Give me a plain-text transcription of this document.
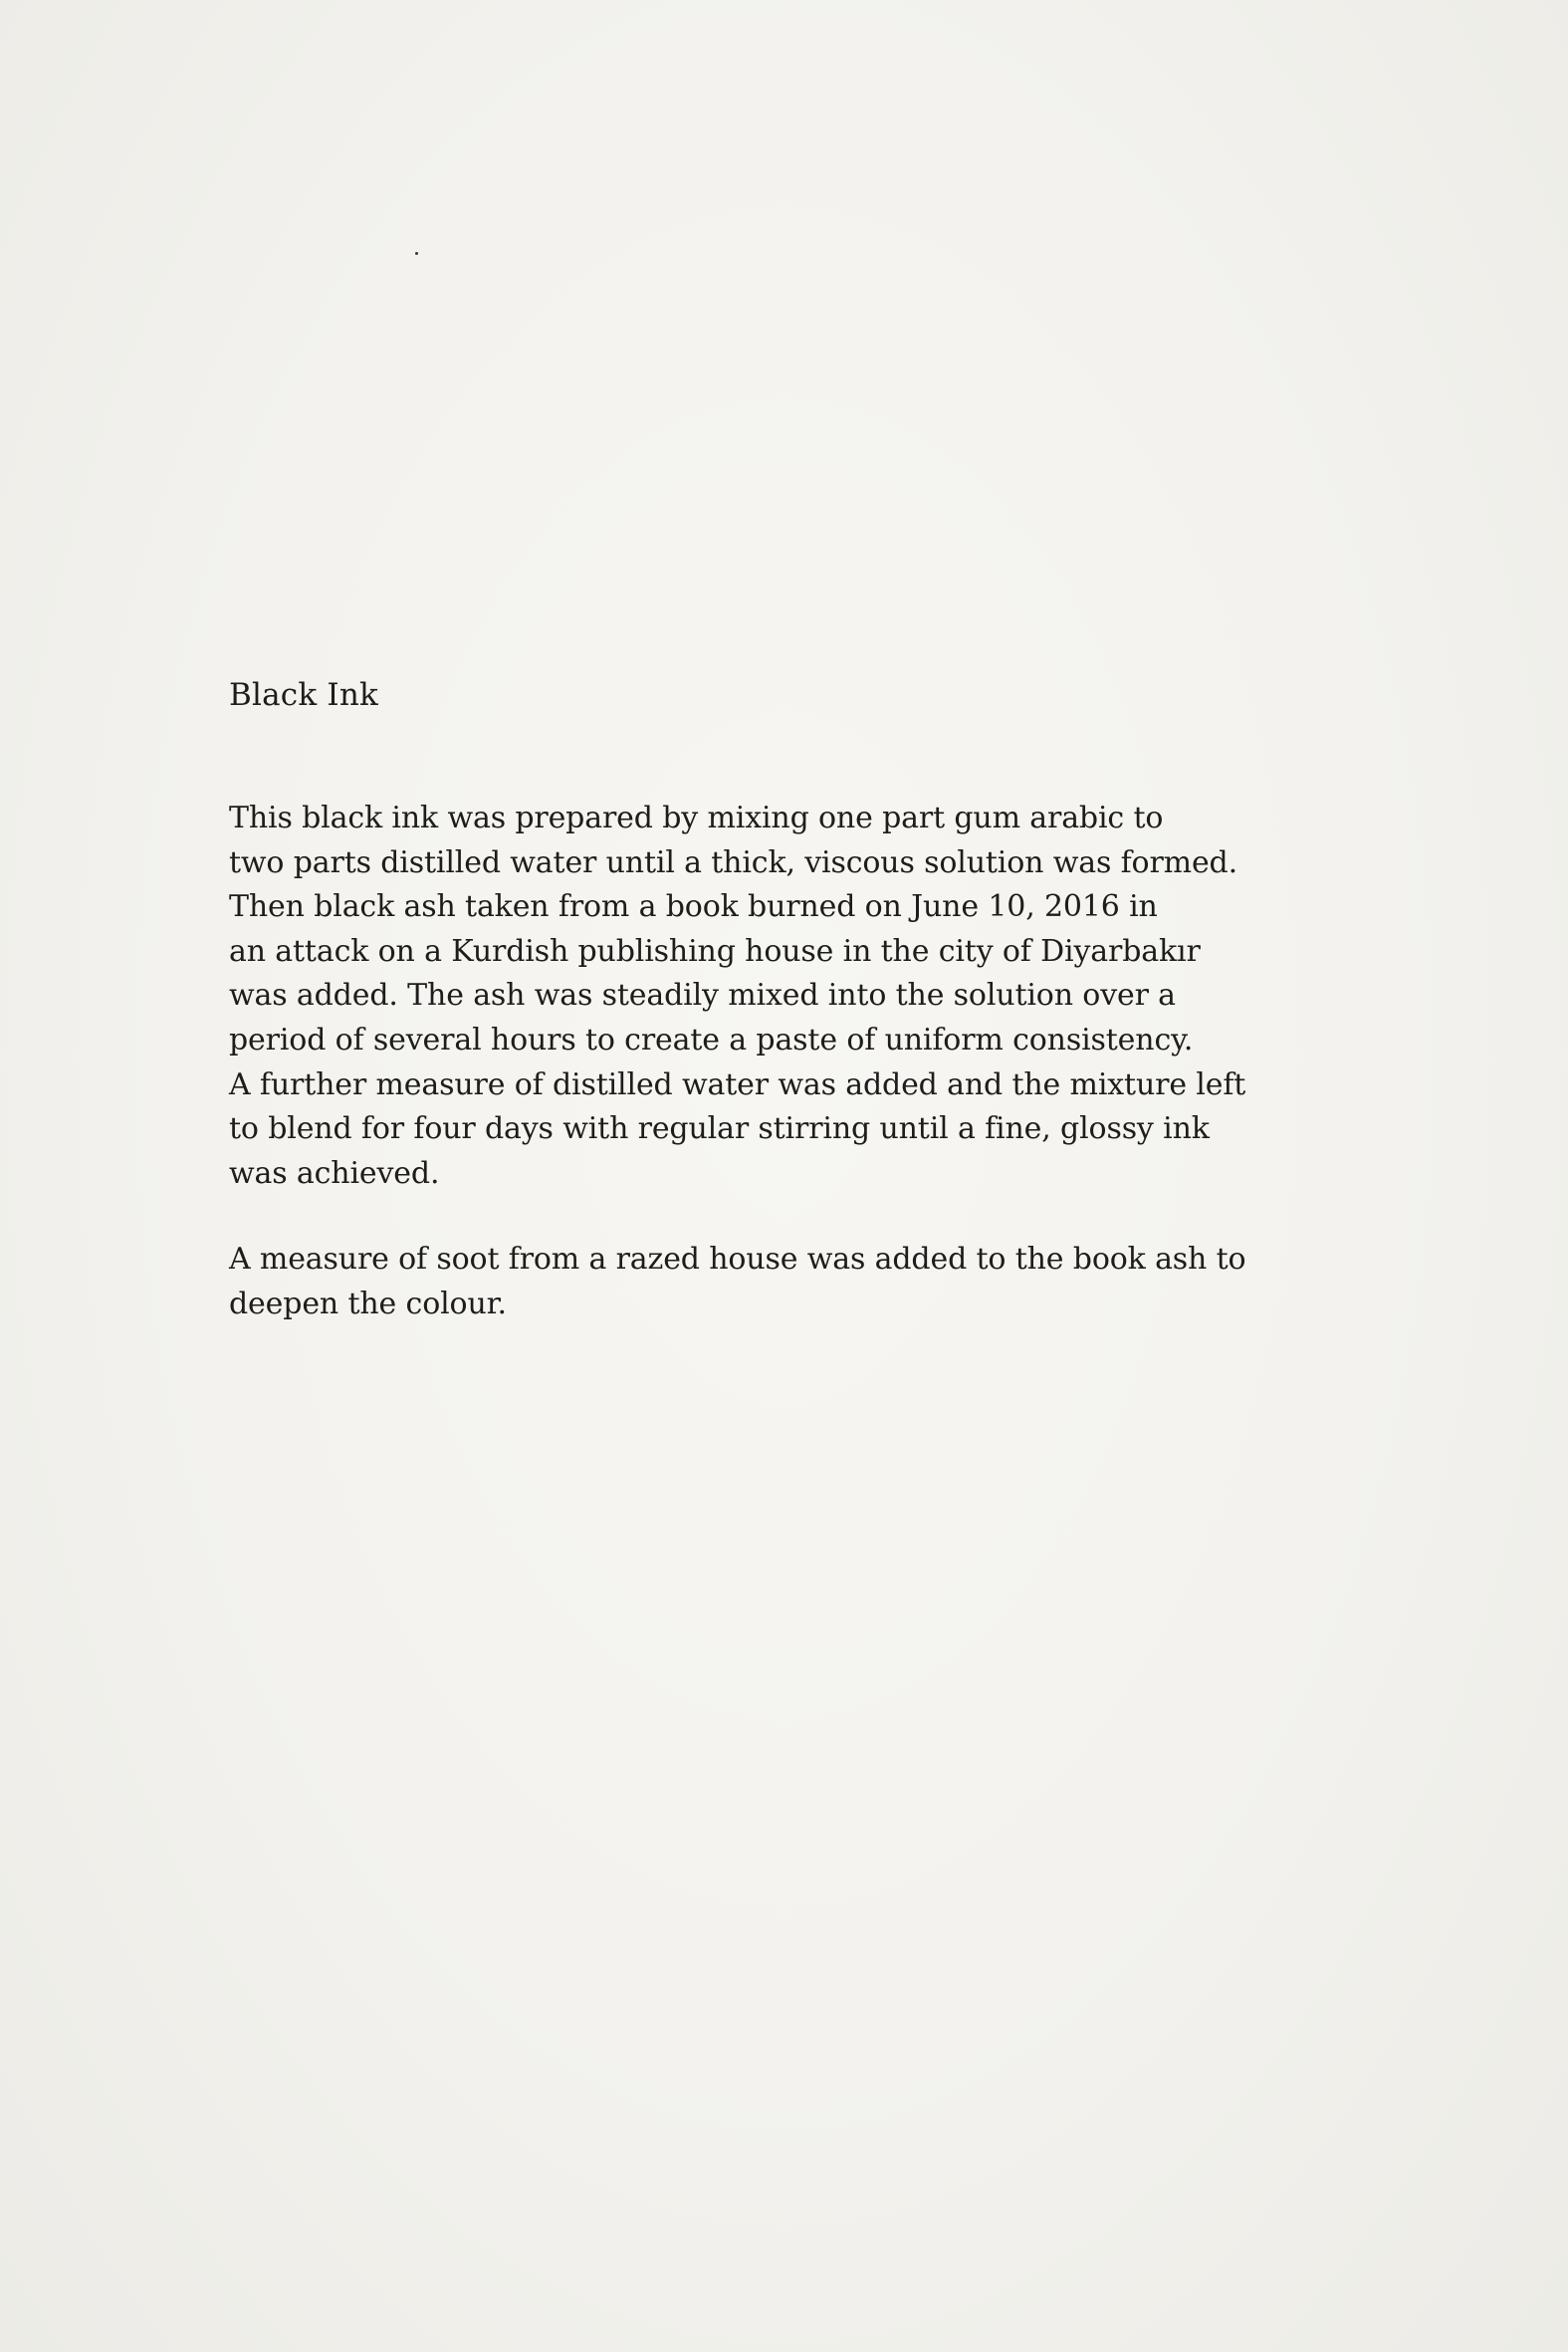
Black Ink

This black ink was prepared by mixing one part gum arabic to
two parts distilled water until a thick, viscous solution was formed.
Then black ash taken from a book burned on June 10, 2016 in
an attack on a Kurdish publishing house in the city of Diyarbakır
was added. The ash was steadily mixed into the solution over a
period of several hours to create a paste of uniform consistency.
A further measure of distilled water was added and the mixture left
to blend for four days with regular stirring until a fine, glossy ink
was achieved.

A measure of soot from a razed house was added to the book ash to
deepen the colour.
